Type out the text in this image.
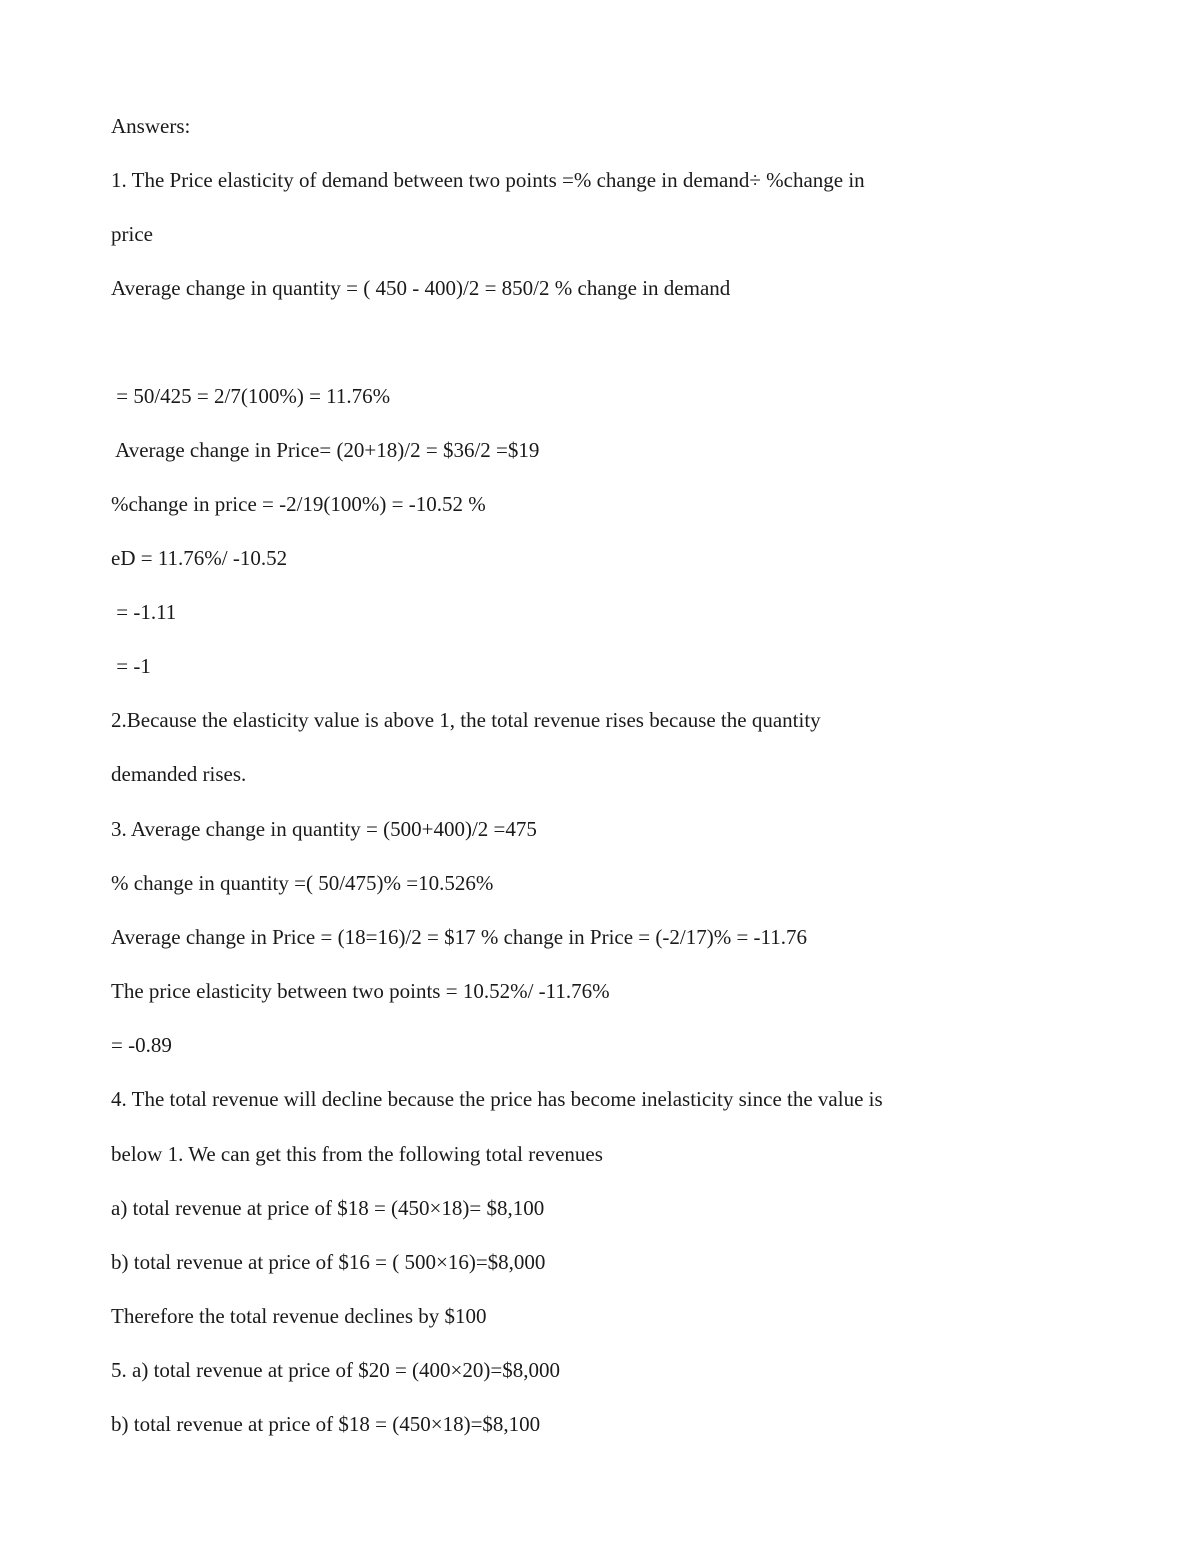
Answers:
1. The Price elasticity of demand between two points =% change in demand÷ %change in
price
Average change in quantity = ( 450 - 400)/2 = 850/2 % change in demand
= 50/425 = 2/7(100%) = 11.76%
Average change in Price= (20+18)/2 = $36/2 =$19
%change in price = -2/19(100%) = -10.52 %
eD = 11.76%/ -10.52
= -1.11
= -1
2.Because the elasticity value is above 1, the total revenue rises because the quantity
demanded rises.
3. Average change in quantity = (500+400)/2 =475
% change in quantity =( 50/475)% =10.526%
Average change in Price = (18=16)/2 = $17 % change in Price = (-2/17)% = -11.76
The price elasticity between two points = 10.52%/ -11.76%
= -0.89
4. The total revenue will decline because the price has become inelasticity since the value is
below 1. We can get this from the following total revenues
a) total revenue at price of $18 = (450×18)= $8,100
b) total revenue at price of $16 = ( 500×16)=$8,000
Therefore the total revenue declines by $100
5. a) total revenue at price of $20 = (400×20)=$8,000
b) total revenue at price of $18 = (450×18)=$8,100
